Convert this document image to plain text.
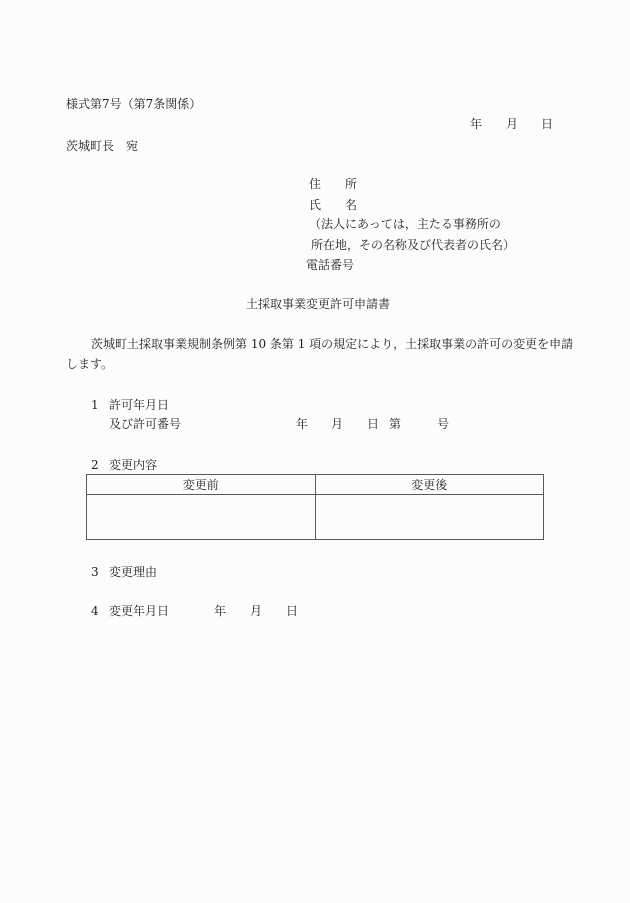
様式第7号（第7条関係）
年 月 日
茨城町長　宛
住　　所
氏　　名
（法人にあっては，主たる事務所の
所在地，その名称及び代表者の氏名）
電話番号
土採取事業変更許可申請書
茨城町土採取事業規制条例第 10 条第 1 項の規定により，土採取事業の許可の変更を申請
します。
1 許可年月日
及び許可番号	年 月 日 第	号
2 変更内容
変更前	変更後

3 変更理由
4 変更年月日	年 月 日
